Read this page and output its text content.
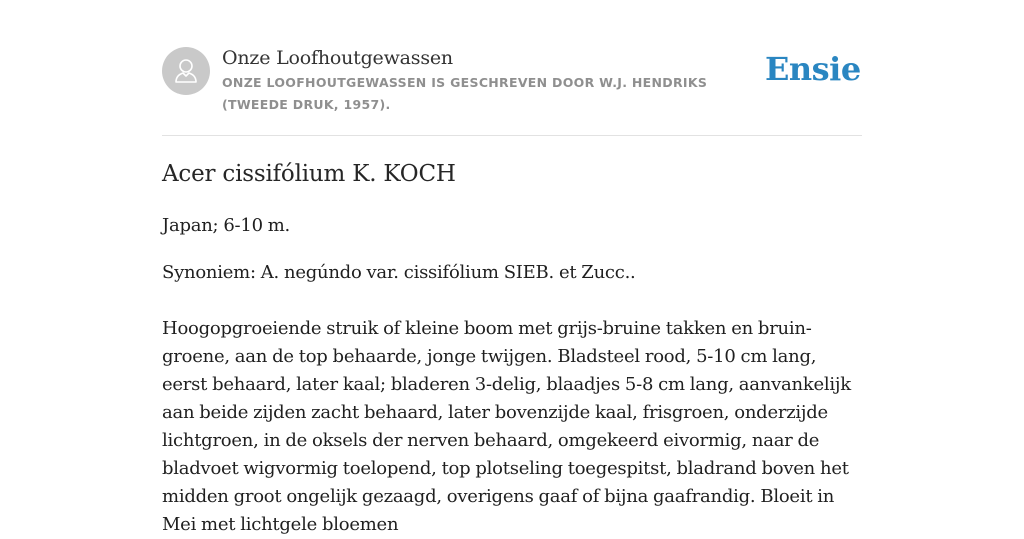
Onze Loofhoutgewassen
ONZE LOOFHOUTGEWASSEN IS GESCHREVEN DOOR W.J. HENDRIKS (TWEEDE DRUK, 1957).
Ensie
Acer cissifólium K. KOCH

Japan; 6-10 m.

Synoniem: A. negúndo var. cissifólium SIEB. et Zucc..

Hoogopgroeiende struik of kleine boom met grijs-bruine takken en bruin-groene, aan de top behaarde, jonge twijgen. Bladsteel rood, 5-10 cm lang, eerst behaard, later kaal; bladeren 3-delig, blaadjes 5-8 cm lang, aanvankelijk aan beide zijden zacht behaard, later bovenzijde kaal, frisgroen, onderzijde lichtgroen, in de oksels der nerven behaard, omgekeerd eivormig, naar de bladvoet wigvormig toelopend, top plotseling toegespitst, bladrand boven het midden groot ongelijk gezaagd, overigens gaaf of bijna gaafrandig. Bloeit in Mei met lichtgele bloemen
